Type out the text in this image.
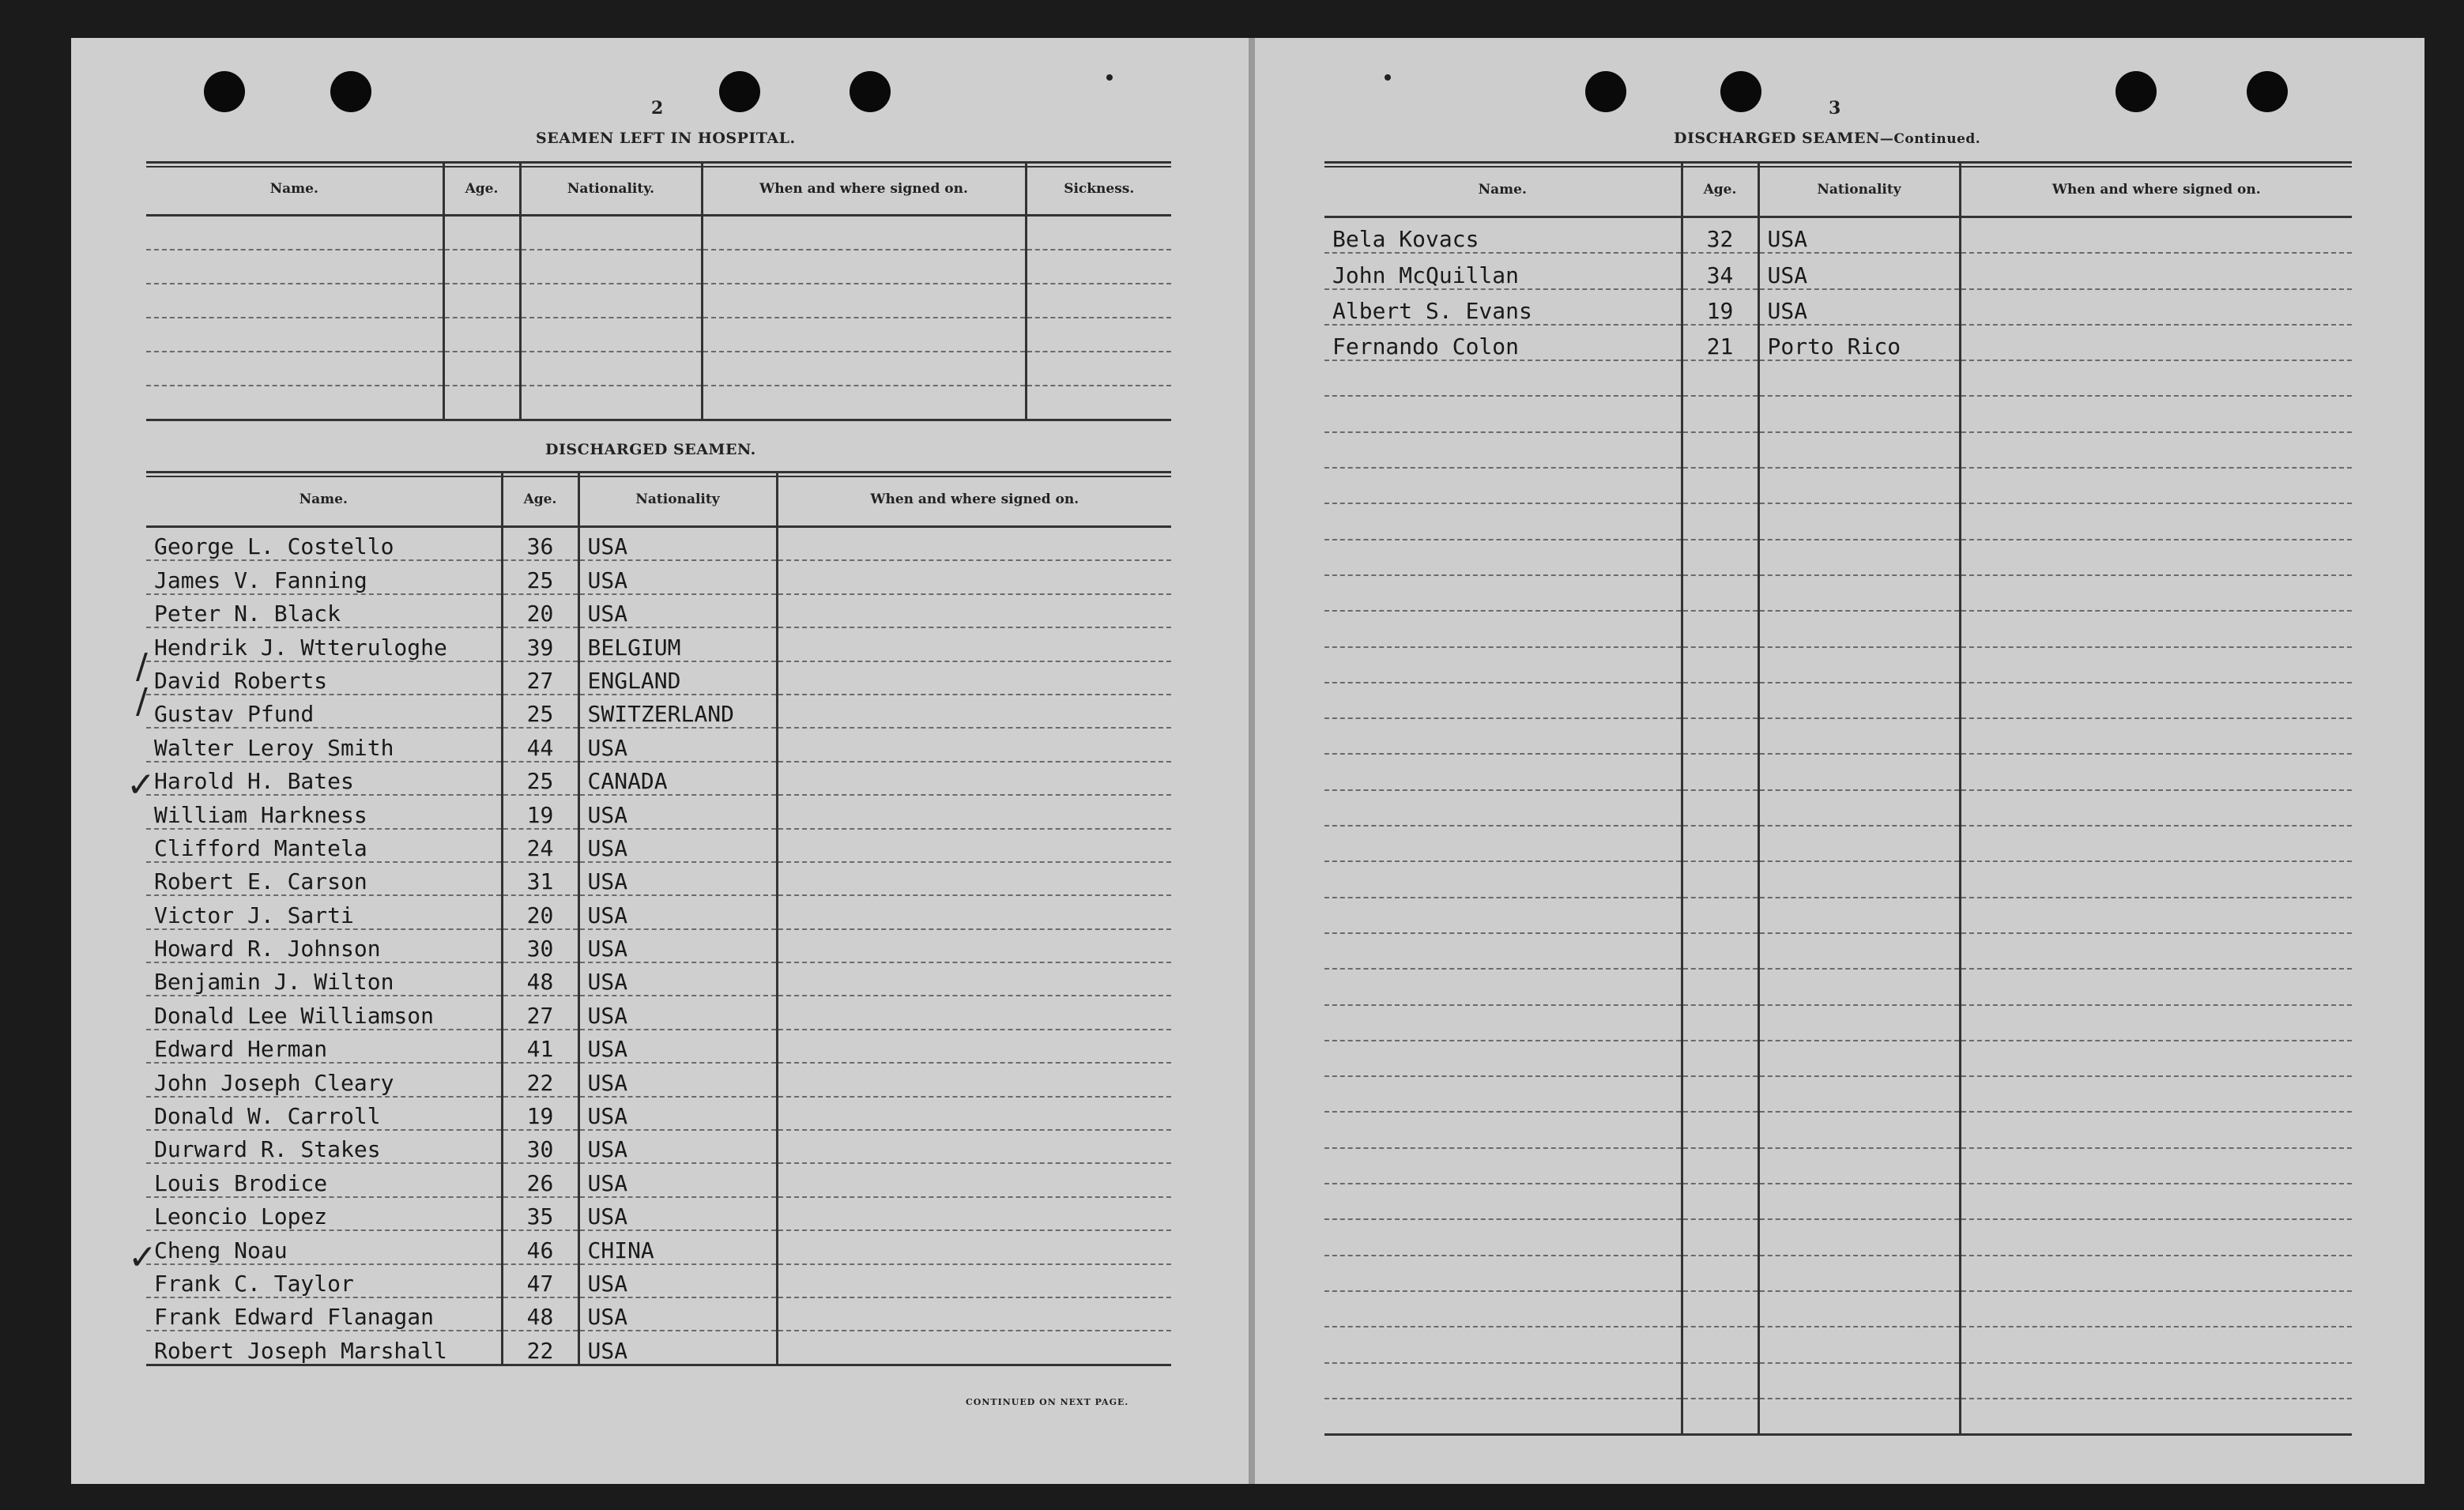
2
SEAMEN LEFT IN HOSPITAL.
Name.	Age.	Nationality.	When and where signed on.	Sickness.

DISCHARGED SEAMEN.
Name.	Age.	Nationality	When and where signed on.
George L. Costello	36	USA	
James V. Fanning	25	USA	
Peter N. Black	20	USA	
Hendrik J. Wtteruloghe	39	BELGIUM	
David Roberts	27	ENGLAND	
Gustav Pfund	25	SWITZERLAND	
Walter Leroy Smith	44	USA	
Harold H. Bates	25	CANADA	
William Harkness	19	USA	
Clifford Mantela	24	USA	
Robert E. Carson	31	USA	
Victor J. Sarti	20	USA	
Howard R. Johnson	30	USA	
Benjamin J. Wilton	48	USA	
Donald Lee Williamson	27	USA	
Edward Herman	41	USA	
John Joseph Cleary	22	USA	
Donald W. Carroll	19	USA	
Durward R. Stakes	30	USA	
Louis Brodice	26	USA	
Leoncio Lopez	35	USA	
Cheng Noau	46	CHINA	
Frank C. Taylor	47	USA	
Frank Edward Flanagan	48	USA	
Robert Joseph Marshall	22	USA	
CONTINUED ON NEXT PAGE.
/
/
✓
✓
3
DISCHARGED SEAMEN—Continued.
Name.	Age.	Nationality	When and where signed on.
Bela Kovacs	32	USA	
John McQuillan	34	USA	
Albert S. Evans	19	USA	
Fernando Colon	21	Porto Rico	
